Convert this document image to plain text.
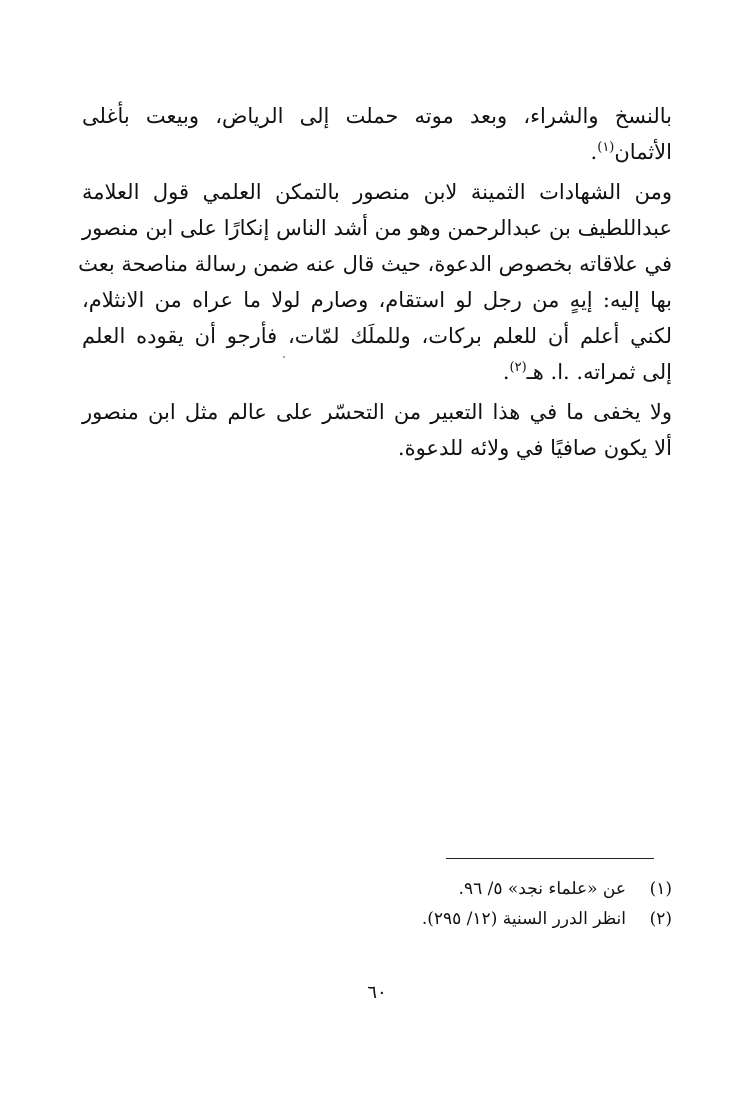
بالنسخ والشراء، وبعد موته حملت إلى الرياض، وبيعت بأغلى
الأثمان$^{(١)}$.
ومن الشهادات الثمينة لابن منصور بالتمكن العلمي قول العلامة
عبداللطيف بن عبدالرحمن وهو من أشد الناس إنكارًا على ابن منصور
في علاقاته بخصوص الدعوة، حيث قال عنه ضمن رسالة مناصحة بعث
بها إليه: إيهٍ من رجل لو استقام، وصارم لولا ما عراه من الانثلام،
لكني أعلم أن للعلم بركات، وللملَك لمّات، فأرجو أن يقوده العلم
إلى ثمراته. .ا. هـ$^{(٢)}$.
ولا يخفى ما في هذا التعبير من التحسّر على عالم مثل ابن منصور
ألا يكون صافيًا في ولائه للدعوة.
(١)
عن «علماء نجد» ٥/ ٩٦.
(٢)
انظر الدرر السنية (١٢/ ٢٩٥).
٦٠
